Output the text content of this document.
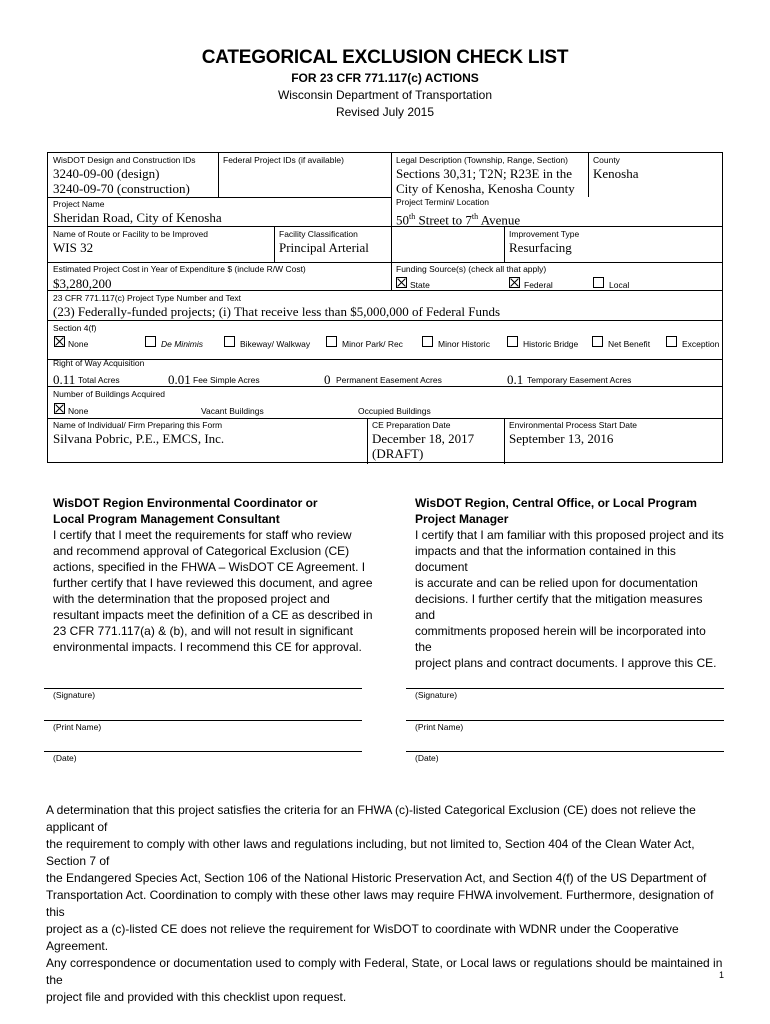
CATEGORICAL EXCLUSION CHECK LIST
FOR 23 CFR 771.117(c) ACTIONS
Wisconsin Department of Transportation
Revised July 2015
WisDOT Design and Construction IDs
3240-09-00 (design)
3240-09-70 (construction)
Federal Project IDs (if available)	Legal Description (Township, Range, Section)
Sections 30,31; T2N; R23E in the
City of Kenosha, Kenosha County
County
Kenosha
Project Name
Sheridan Road, City of Kenosha
Project Termini/ Location
50th Street to 7th Avenue
Name of Route or Facility to be Improved
WIS 32
Facility Classification
Principal Arterial
Improvement Type
Resurfacing
Estimated Project Cost in Year of Expenditure $ (include R/W Cost)
$3,280,200
Funding Source(s) (check all that apply)
State	Federal	Local
23 CFR 771.117(c) Project Type Number and Text
(23) Federally-funded projects; (i) That receive less than $5,000,000 of Federal Funds
Section 4(f)
None	De Minimis	Bikeway/ Walkway	Minor Park/ Rec	Minor Historic	Historic Bridge	Net Benefit	Exception
Right of Way Acquisition
0.11 Total Acres	0.01 Fee Simple Acres	0 Permanent Easement Acres	0.1 Temporary Easement Acres
Number of Buildings Acquired
None	Vacant Buildings	Occupied Buildings
Name of Individual/ Firm Preparing this Form
Silvana Pobric, P.E., EMCS, Inc.
CE Preparation Date
December 18, 2017
(DRAFT)
Environmental Process Start Date
September 13, 2016
WisDOT Region Environmental Coordinator or
Local Program Management Consultant
I certify that I meet the requirements for staff who review
and recommend approval of Categorical Exclusion (CE)
actions, specified in the FHWA – WisDOT CE Agreement. I
further certify that I have reviewed this document, and agree
with the determination that the proposed project and
resultant impacts meet the definition of a CE as described in
23 CFR 771.117(a) & (b), and will not result in significant
environmental impacts. I recommend this CE for approval.
WisDOT Region, Central Office, or Local Program
Project Manager
I certify that I am familiar with this proposed project and its
impacts and that the information contained in this document
is accurate and can be relied upon for documentation
decisions. I further certify that the mitigation measures and
commitments proposed herein will be incorporated into the
project plans and contract documents. I approve this CE.
(Signature)
(Print Name)
(Date)
(Signature)
(Print Name)
(Date)
A determination that this project satisfies the criteria for an FHWA (c)-listed Categorical Exclusion (CE) does not relieve the applicant of
the requirement to comply with other laws and regulations including, but not limited to, Section 404 of the Clean Water Act, Section 7 of
the Endangered Species Act, Section 106 of the National Historic Preservation Act, and Section 4(f) of the US Department of
Transportation Act. Coordination to comply with these other laws may require FHWA involvement. Furthermore, designation of this
project as a (c)-listed CE does not relieve the requirement for WisDOT to coordinate with WDNR under the Cooperative Agreement.
Any correspondence or documentation used to comply with Federal, State, or Local laws or regulations should be maintained in the
project file and provided with this checklist upon request.
1
